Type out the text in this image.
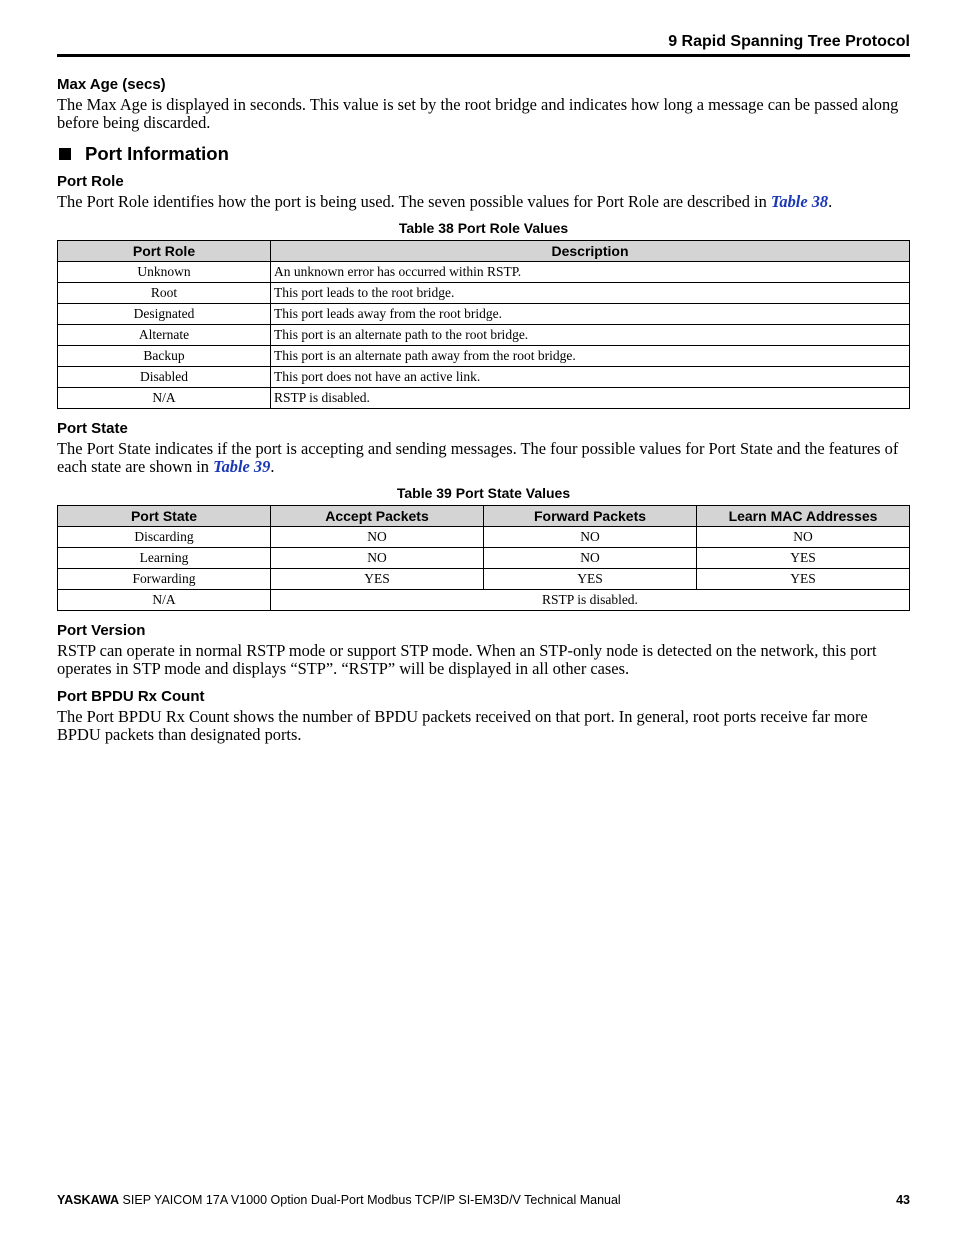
9 Rapid Spanning Tree Protocol

Max Age (secs)

The Max Age is displayed in seconds. This value is set by the root bridge and indicates how long a message can be passed along before being discarded.

Port Information

Port Role

The Port Role identifies how the port is being used. The seven possible values for Port Role are described in Table 38.

Table 38 Port Role Values

Port Role	Description
Unknown	An unknown error has occurred within RSTP.
Root	This port leads to the root bridge.
Designated	This port leads away from the root bridge.
Alternate	This port is an alternate path to the root bridge.
Backup	This port is an alternate path away from the root bridge.
Disabled	This port does not have an active link.
N/A	RSTP is disabled.

Port State

The Port State indicates if the port is accepting and sending messages. The four possible values for Port State and the features of each state are shown in Table 39.

Table 39 Port State Values

Port State	Accept Packets	Forward Packets	Learn MAC Addresses
Discarding	NO	NO	NO
Learning	NO	NO	YES
Forwarding	YES	YES	YES
N/A	RSTP is disabled.		

Port Version

RSTP can operate in normal RSTP mode or support STP mode. When an STP-only node is detected on the network, this port operates in STP mode and displays “STP”. “RSTP” will be displayed in all other cases.

Port BPDU Rx Count

The Port BPDU Rx Count shows the number of BPDU packets received on that port. In general, root ports receive far more BPDU packets than designated ports.

YASKAWA SIEP YAICOM 17A V1000 Option Dual-Port Modbus TCP/IP SI-EM3D/V Technical Manual	43
